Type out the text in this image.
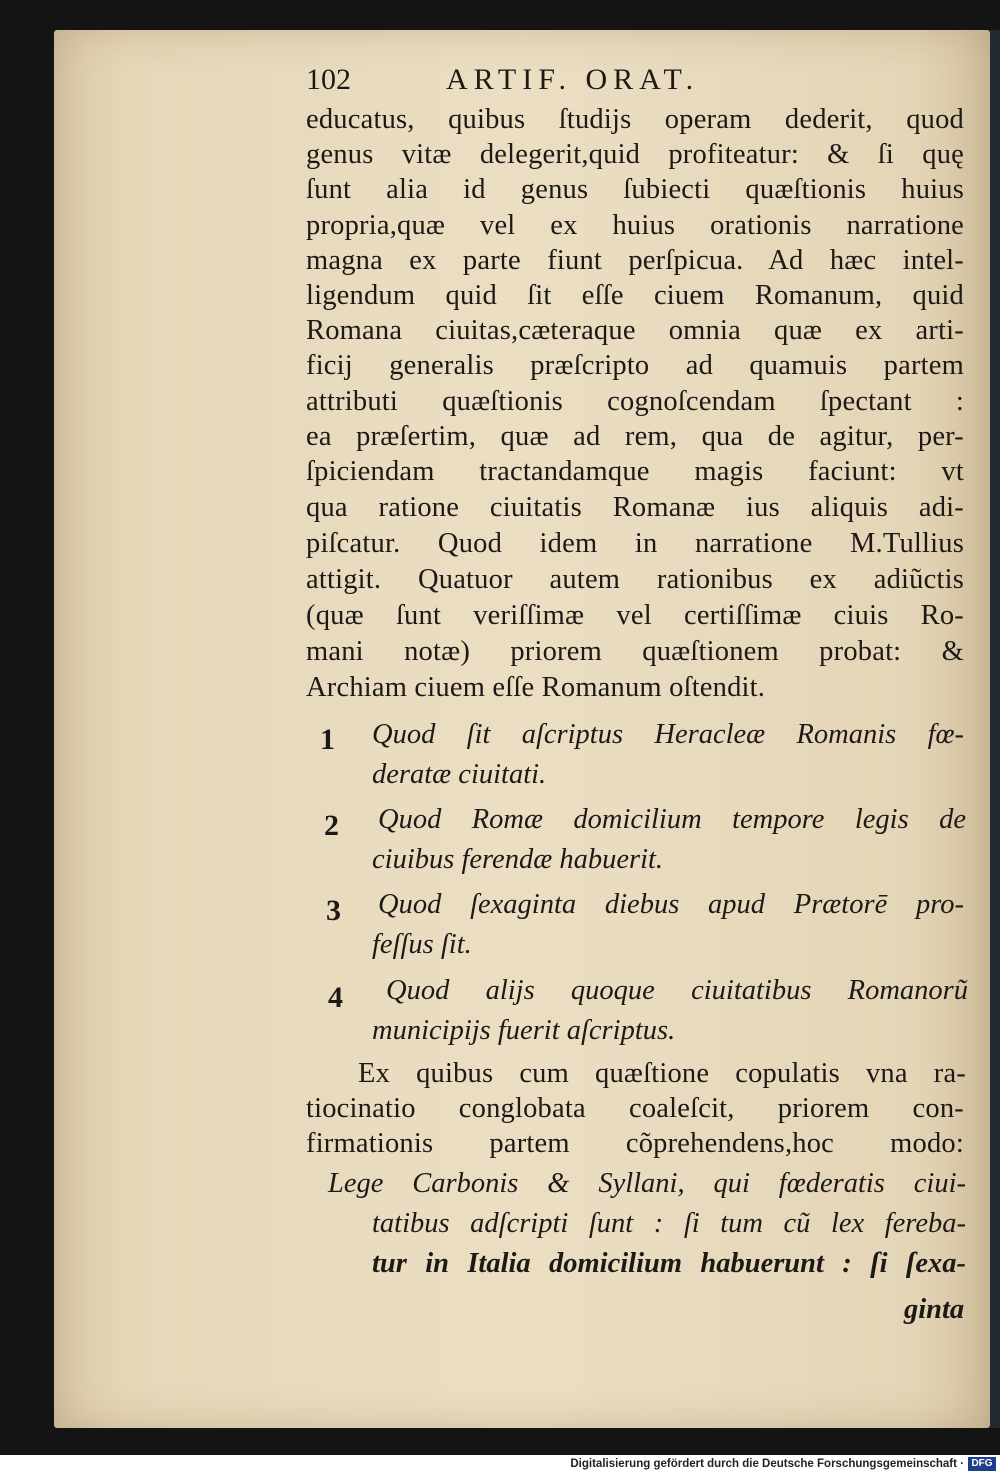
102	ARTIF. ORAT.
educatus, quibus ſtudijs operam dederit, quod
genus vitæ delegerit,quid profiteatur: & ſi quę
ſunt alia id genus ſubiecti quæſtionis huius
propria,quæ vel ex huius orationis narratione
magna ex parte fiunt perſpicua. Ad hæc intel-
ligendum quid ſit eſſe ciuem Romanum, quid
Romana ciuitas,cæteraque omnia quæ ex arti-
ficij generalis præſcripto ad quamuis partem
attributi quæſtionis cognoſcendam ſpectant :
ea præſertim, quæ ad rem, qua de agitur, per-
ſpiciendam tractandamque magis faciunt: vt
qua ratione ciuitatis Romanæ ius aliquis adi-
piſcatur. Quod idem in narratione M.Tullius
attigit. Quatuor autem rationibus ex adiũctis
(quæ ſunt veriſſimæ vel certiſſimæ ciuis Ro-
mani notæ) priorem quæſtionem probat: &
Archiam ciuem eſſe Romanum oſtendit.
1 Quod ſit aſcriptus Heracleæ Romanis fœ-
deratæ ciuitati.
2 Quod Romæ domicilium tempore legis de
ciuibus ferendæ habuerit.
3 Quod ſexaginta diebus apud Prætorē pro-
feſſus ſit.
4 Quod alijs quoque ciuitatibus Romanorũ
municipijs fuerit aſcriptus.
Ex quibus cum quæſtione copulatis vna ra-
tiocinatio conglobata coaleſcit, priorem con-
firmationis partem cõprehendens,hoc modo:
Lege Carbonis & Syllani, qui fœderatis ciui-
tatibus adſcripti ſunt : ſi tum cũ lex fereba-
tur in Italia domicilium habuerunt : ſi ſexa-
ginta
Digitalisierung gefördert durch die Deutsche Forschungsgemeinschaft · DFG
